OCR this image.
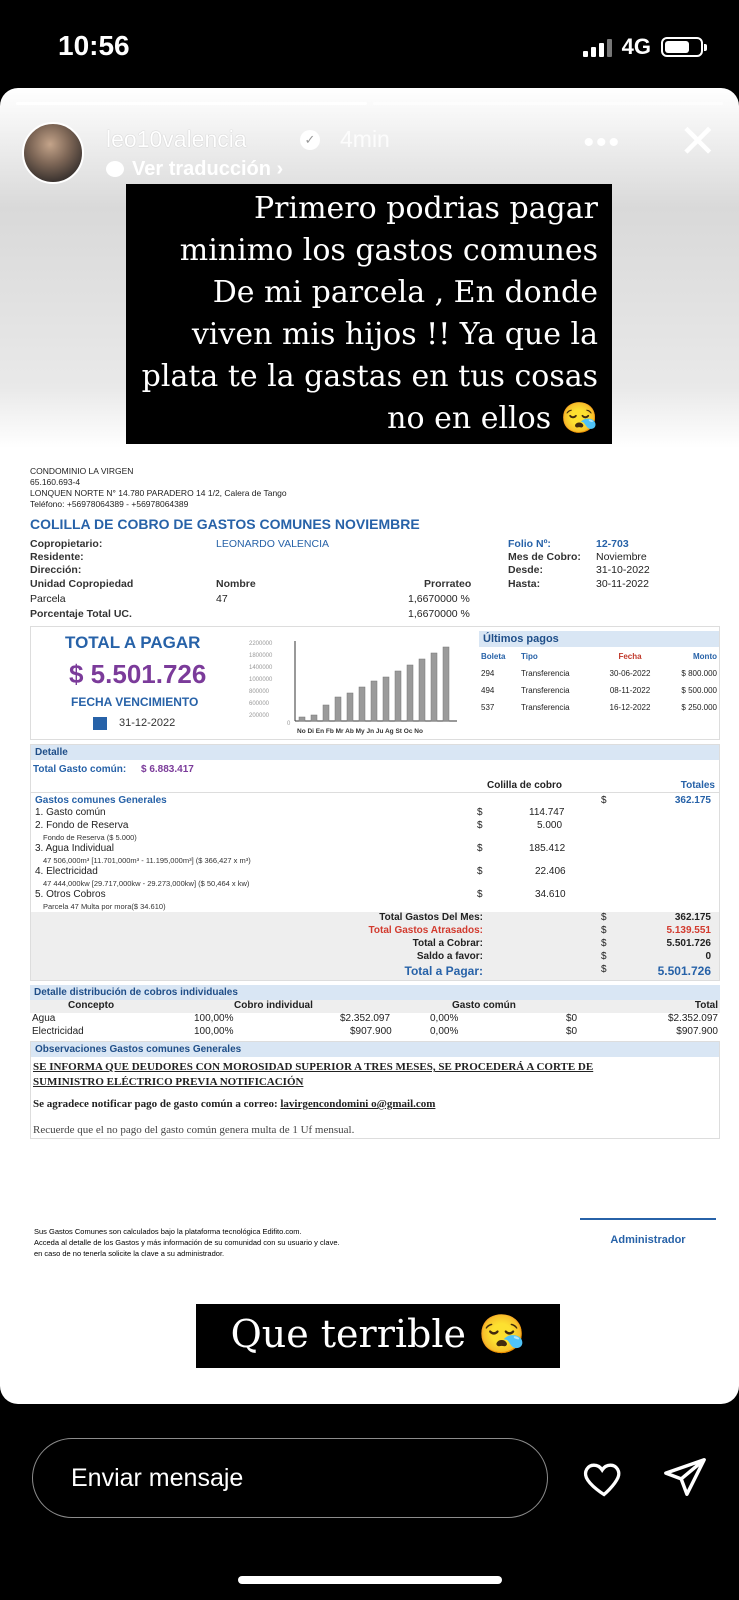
10:56	4G
leo10valencia	✓ 4min
Ver traducción ›
••• ✕
Primero podrias pagar
minimo los gastos comunes
De mi parcela , En donde
viven mis hijos !! Ya que la
plata te la gastas en tus cosas
no en ellos 😪
CONDOMINIO LA VIRGEN
65.160.693-4
LONQUEN NORTE N° 14.780 PARADERO 14 1/2, Calera de Tango
Teléfono: +56978064389 - +56978064389
COLILLA DE COBRO DE GASTOS COMUNES NOVIEMBRE
Copropietario:	LEONARDO VALENCIA
Residente:
Dirección:
Unidad Copropiedad	Nombre	Prorrateo
Parcela	47	1,6670000 %
Porcentaje Total UC.	1,6670000 %
Folio Nº:	12-703
Mes de Cobro: Noviembre
Desde:	31-10-2022
Hasta:	30-11-2022
TOTAL A PAGAR
$ 5.501.726
FECHA VENCIMIENTO
31-12-2022
2200000
1800000
1400000
1000000
800000
600000
200000
0
No Di En Fb Mr Ab My Jn Ju Ag St Oc No
Últimos pagos
Boleta	Tipo	Fecha	Monto
294	Transferencia	30-06-2022	$ 800.000
494	Transferencia	08-11-2022	$ 500.000
537	Transferencia	16-12-2022	$ 250.000
Detalle
Total Gasto común: $ 6.883.417
Colilla de cobro	Totales
Gastos comunes Generales	$	362.175
1. Gasto común	$	114.747
2. Fondo de Reserva	$	5.000
Fondo de Reserva ($ 5.000)
3. Agua Individual	$	185.412
47 506,000m³ [11.701,000m³ - 11.195,000m³] ($ 366,427 x m³)
4. Electricidad	$	22.406
47 444,000kw [29.717,000kw - 29.273,000kw] ($ 50,464 x kw)
5. Otros Cobros	$	34.610
Parcela 47 Multa por mora($ 34.610)
Total Gastos Del Mes:	$	362.175
Total Gastos Atrasados:	$	5.139.551
Total a Cobrar:	$	5.501.726
Saldo a favor:	$	0
Total a Pagar:	$	5.501.726
Detalle distribución de cobros individuales
Concepto	Cobro individual	Gasto común	Total
Agua	100,00%	$2.352.097	0,00%	$0	$2.352.097
Electricidad	100,00%	$907.900	0,00%	$0	$907.900
Observaciones Gastos comunes Generales
SE INFORMA QUE DEUDORES CON MOROSIDAD SUPERIOR A TRES MESES, SE PROCEDERÁ A CORTE DE
SUMINISTRO ELÉCTRICO PREVIA NOTIFICACIÓN
Se agradece notificar pago de gasto común a correo: lavirgencondomini o@gmail.com
Recuerde que el no pago del gasto común genera multa de 1 Uf mensual.
Sus Gastos Comunes son calculados bajo la plataforma tecnológica Edifito.com.
Acceda al detalle de los Gastos y más información de su comunidad con su usuario y clave.
en caso de no tenerla solicite la clave a su administrador.
Administrador
Que terrible 😪
Enviar mensaje
